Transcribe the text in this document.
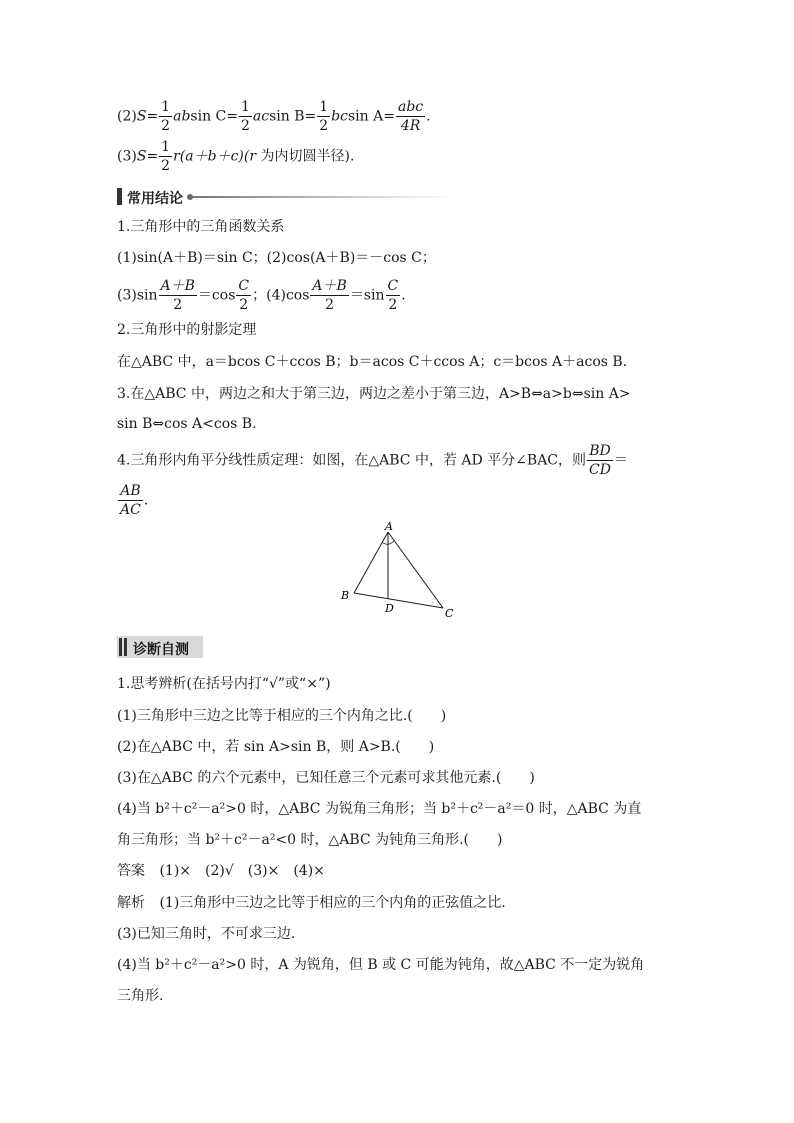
$(2)S= \frac{1}{2}$ absin $C= \frac{1}{2}$ acsin $B= \frac{1}{2}$ bcsin $A= \frac{\text{abc}}{4R}$ .
$(3)S= \frac{1}{2} r(a+b+c)(r$ 为内切圆半径).
常用结论
1.三角形中的三角函数关系
(1)sin(A＋B)＝sin C；(2)cos(A＋B)＝－cos C；
$(3)\sin \frac{A+B}{2} =\cos \frac{C}{2}$ ；$(4)\cos \frac{A+B}{2} =\sin \frac{C}{2}$ .
2.三角形中的射影定理
在△ABC 中，a＝bcos C＋ccos B；b＝acos C＋ccos A；c＝bcos A＋acos B.
3.在△ABC 中，两边之和大于第三边，两边之差小于第三边，A>B⇔a>b⇔sin A>
sin B⇔cos A<cos B.
4.三角形内角平分线性质定理：如图，在△ABC 中，若 AD 平分∠BAC，则 $\frac{BD}{CD}$ ＝
$\frac{AB}{AC}$ .
A
B
C
D
诊断自测
1.思考辨析(在括号内打“√”或“×”)
(1)三角形中三边之比等于相应的三个内角之比.(　　)
(2)在△ABC 中，若 sin A>sin B，则 A>B.(　　)
(3)在△ABC 的六个元素中，已知任意三个元素可求其他元素.(　　)
(4)当 b²＋c²－a²>0 时，△ABC 为锐角三角形；当 b²＋c²－a²＝0 时，△ABC 为直
角三角形；当 b²＋c²－a²<0 时，△ABC 为钝角三角形.(　　)
答案 (1)×　(2)√　(3)×　(4)×
解析 (1)三角形中三边之比等于相应的三个内角的正弦值之比.
(3)已知三角时，不可求三边.
(4)当 b²＋c²－a²>0 时，A 为锐角，但 B 或 C 可能为钝角，故△ABC 不一定为锐角
三角形.
